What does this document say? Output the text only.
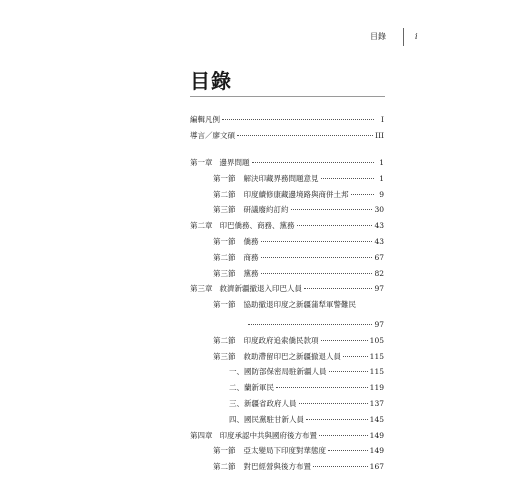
目錄	i
目錄
編輯凡例	I
導言／廖文碩	III
第一章 邊界問題	1
第一節 解決印藏界務問題意見	1
第二節 印度續修康藏邊境路與商併土邦	9
第三節 研議廢約訂約	30
第二章 印巴僑務、商務、黨務	43
第一節 僑務	43
第二節 商務	67
第三節 黨務	82
第三章 救濟新疆撤退入印巴人員	97
第一節 協助撤退印度之新疆蒲犁軍警難民
97
第二節 印度政府追索僑民款項	105
第三節 救助滯留印巴之新疆撤退人員	115
一、國防部保密局駐新疆人員	115
二、蘭新軍民	119
三、新疆省政府人員	137
四、國民黨駐甘新人員	145
第四章 印度承認中共與國府後方布置	149
第一節 亞太變局下印度對華態度	149
第二節 對巴經營與後方布置	167
